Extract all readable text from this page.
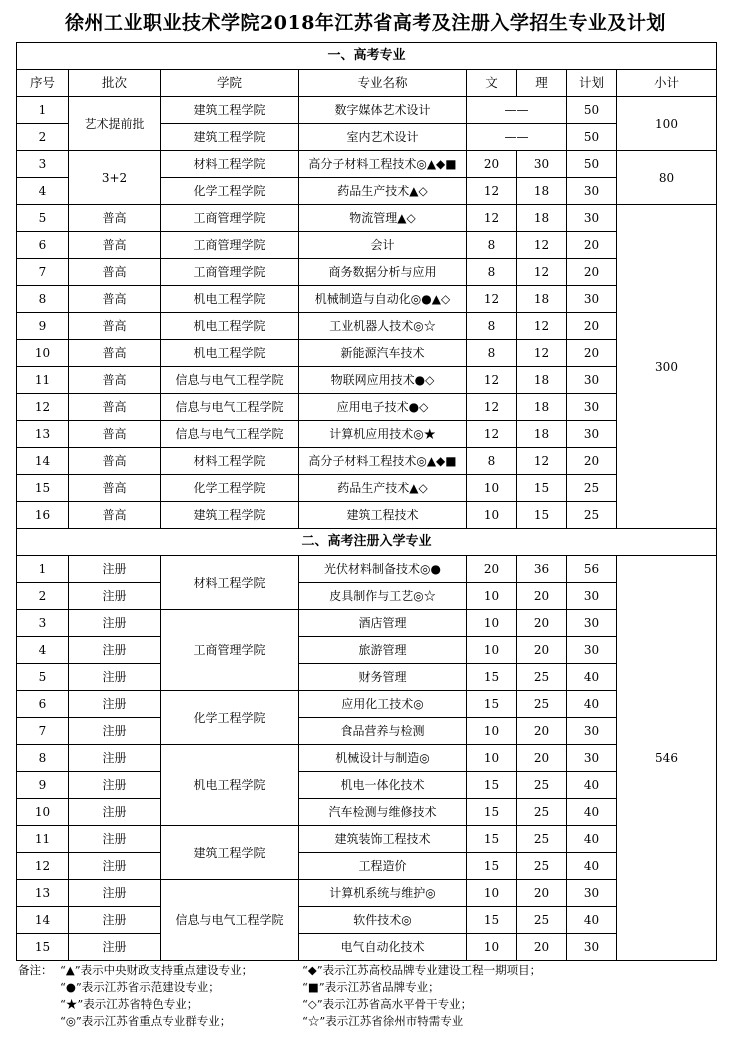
徐州工业职业技术学院2018年江苏省高考及注册入学招生专业及计划
一、高考专业							
序号	批次	学院	专业名称	文	理	计划	小计
1	艺术提前批	建筑工程学院	数字媒体艺术设计	——		50	100
2		建筑工程学院	室内艺术设计	——		50	
3	3+2	材料工程学院	高分子材料工程技术◎▲◆■	20	30	50	80
4		化学工程学院	药品生产技术▲◇	12	18	30	
5	普高	工商管理学院	物流管理▲◇	12	18	30	300
6	普高	工商管理学院	会计	8	12	20	
7	普高	工商管理学院	商务数据分析与应用	8	12	20	
8	普高	机电工程学院	机械制造与自动化◎●▲◇	12	18	30	
9	普高	机电工程学院	工业机器人技术◎☆	8	12	20	
10	普高	机电工程学院	新能源汽车技术	8	12	20	
11	普高	信息与电气工程学院	物联网应用技术●◇	12	18	30	
12	普高	信息与电气工程学院	应用电子技术●◇	12	18	30	
13	普高	信息与电气工程学院	计算机应用技术◎★	12	18	30	
14	普高	材料工程学院	高分子材料工程技术◎▲◆■	8	12	20	
15	普高	化学工程学院	药品生产技术▲◇	10	15	25	
16	普高	建筑工程学院	建筑工程技术	10	15	25	
二、高考注册入学专业							
1	注册	材料工程学院	光伏材料制备技术◎●	20	36	56	546
2	注册		皮具制作与工艺◎☆	10	20	30	
3	注册	工商管理学院	酒店管理	10	20	30	
4	注册		旅游管理	10	20	30	
5	注册		财务管理	15	25	40	
6	注册	化学工程学院	应用化工技术◎	15	25	40	
7	注册		食品营养与检测	10	20	30	
8	注册	机电工程学院	机械设计与制造◎	10	20	30	
9	注册		机电一体化技术	15	25	40	
10	注册		汽车检测与维修技术	15	25	40	
11	注册	建筑工程学院	建筑装饰工程技术	15	25	40	
12	注册		工程造价	15	25	40	
13	注册	信息与电气工程学院	计算机系统与维护◎	10	20	30	
14	注册		软件技术◎	15	25	40	
15	注册		电气自动化技术	10	20	30	
备注： “▲”表示中央财政支持重点建设专业；	“◆”表示江苏高校品牌专业建设工程一期项目；
“●”表示江苏省示范建设专业；	“■”表示江苏省品牌专业；
“★”表示江苏省特色专业；	“◇”表示江苏省高水平骨干专业；
“◎”表示江苏省重点专业群专业；	“☆”表示江苏省徐州市特需专业
